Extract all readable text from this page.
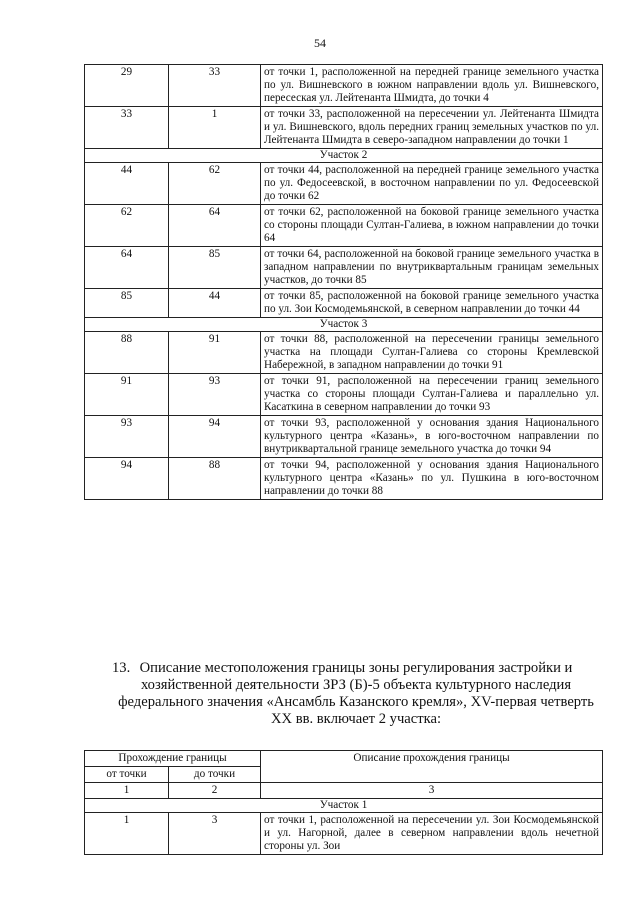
54
29	33	от точки 1, расположенной на передней границе земельного участка по ул. Вишневского в южном направлении вдоль ул. Вишневского, пересеская ул. Лейтенанта Шмидта, до точки 4
33	1	от точки 33, расположенной на пересечении ул. Лейтенанта Шмидта и ул. Вишневского, вдоль передних границ земельных участков по ул. Лейтенанта Шмидта в северо-западном направлении до точки 1
Участок 2		
44	62	от точки 44, расположенной на передней границе земельного участка по ул. Федосеевской, в восточном направлении по ул. Федосеевской до точки 62
62	64	от точки 62, расположенной на боковой границе земельного участка со стороны площади Султан-Галиева, в южном направлении до точки 64
64	85	от точки 64, расположенной на боковой границе земельного участка в западном направлении по внутриквартальным границам земельных участков, до точки 85
85	44	от точки 85, расположенной на боковой границе земельного участка по ул. Зои Космодемьянской, в северном направлении до точки 44
Участок 3		
88	91	от точки 88, расположенной на пересечении границы земельного участка на площади Султан-Галиева со стороны Кремлевской Набережной, в западном направлении до точки 91
91	93	от точки 91, расположенной на пересечении границ земельного участка со стороны площади Султан-Галиева и параллельно ул. Касаткина в северном направлении до точки 93
93	94	от точки 93, расположенной у основания здания Национального культурного центра «Казань», в юго-восточном направлении по внутриквартальной границе земельного участка до точки 94
94	88	от точки 94, расположенной у основания здания Национального культурного центра «Казань» по ул. Пушкина в юго-восточном направлении до точки 88
13. Описание местоположения границы зоны регулирования застройки и

хозяйственной деятельности ЗРЗ (Б)-5 объекта культурного наследия

федерального значения «Ансамбль Казанского кремля», XV-первая четверть

XX вв. включает 2 участка:

Прохождение границы		Описание прохождения границы
от точки	до точки	
1	2	3
Участок 1		
1	3	от точки 1, расположенной на пересечении ул. Зои Космодемьянской и ул. Нагорной, далее в северном направлении вдоль нечетной стороны ул. Зои
